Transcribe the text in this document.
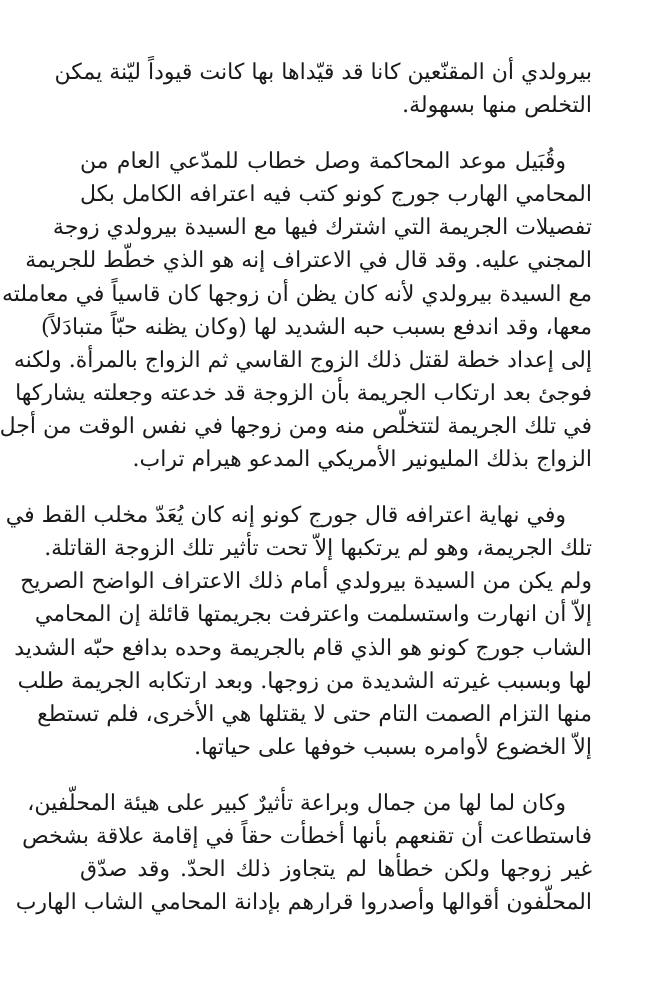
بيرولدي أن المقنّعين كانا قد قيّداها بها كانت قيوداً ليّنة يمكن
التخلص منها بسهولة.
وقُبَيل موعد المحاكمة وصل خطاب للمدّعي العام من
المحامي الهارب جورج كونو كتب فيه اعترافه الكامل بكل
تفصيلات الجريمة التي اشترك فيها مع السيدة بيرولدي زوجة
المجني عليه. وقد قال في الاعتراف إنه هو الذي خطّط للجريمة
مع السيدة بيرولدي لأنه كان يظن أن زوجها كان قاسياً في معاملته
معها، وقد اندفع بسبب حبه الشديد لها (وكان يظنه حبّاً متبادَلاً)
إلى إعداد خطة لقتل ذلك الزوج القاسي ثم الزواج بالمرأة. ولكنه
فوجئ بعد ارتكاب الجريمة بأن الزوجة قد خدعته وجعلته يشاركها
في تلك الجريمة لتتخلّص منه ومن زوجها في نفس الوقت من أجل
الزواج بذلك المليونير الأمريكي المدعو هيرام تراب.
وفي نهاية اعترافه قال جورج كونو إنه كان يُعَدّ مخلب القط في
تلك الجريمة، وهو لم يرتكبها إلاّ تحت تأثير تلك الزوجة القاتلة.
ولم يكن من السيدة بيرولدي أمام ذلك الاعتراف الواضح الصريح
إلاّ أن انهارت واستسلمت واعترفت بجريمتها قائلة إن المحامي
الشاب جورج كونو هو الذي قام بالجريمة وحده بدافع حبّه الشديد
لها وبسبب غيرته الشديدة من زوجها. وبعد ارتكابه الجريمة طلب
منها التزام الصمت التام حتى لا يقتلها هي الأخرى، فلم تستطع
إلاّ الخضوع لأوامره بسبب خوفها على حياتها.
وكان لما لها من جمال وبراعة تأثيرٌ كبير على هيئة المحلّفين،
فاستطاعت أن تقنعهم بأنها أخطأت حقاً في إقامة علاقة بشخص
غير زوجها ولكن خطأها لم يتجاوز ذلك الحدّ. وقد صدّق
المحلّفون أقوالها وأصدروا قرارهم بإدانة المحامي الشاب الهارب
